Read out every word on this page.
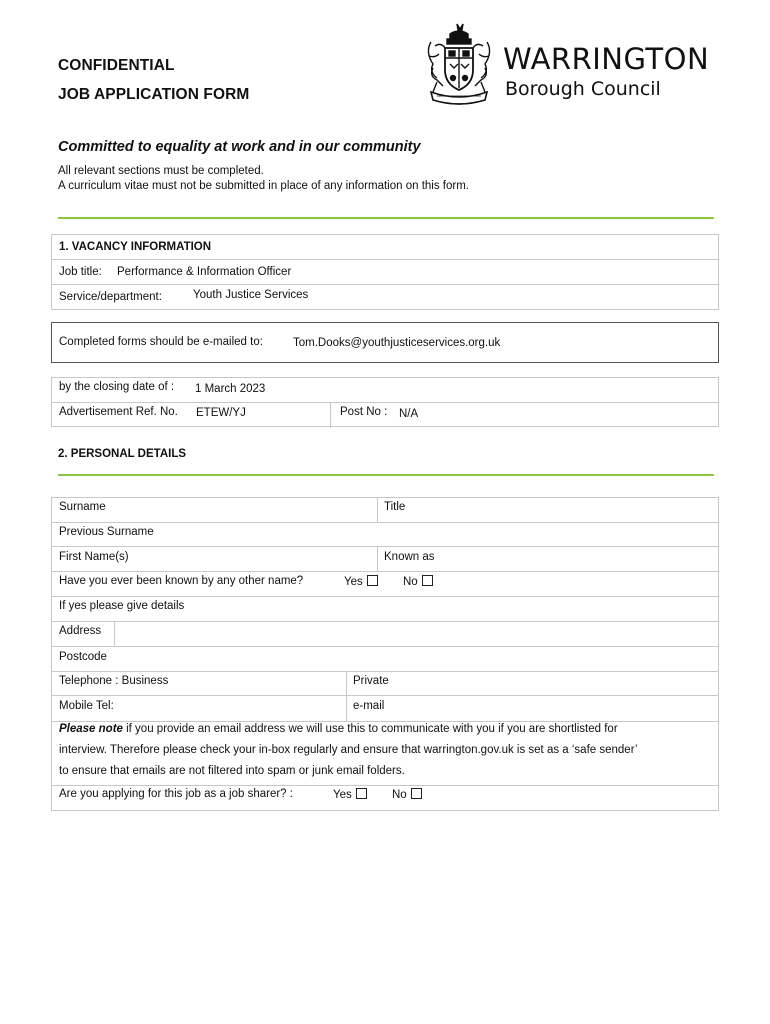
CONFIDENTIAL
JOB APPLICATION FORM
WARRINGTON
Borough Council
Committed to equality at work and in our community
All relevant sections must be completed.
A curriculum vitae must not be submitted in place of any information on this form.
1. VACANCY INFORMATION
Job title: Performance & Information Officer
Service/department:	Youth Justice Services
Completed forms should be e-mailed to:	Tom.Dooks@youthjusticeservices.org.uk
by the closing date of : 1 March 2023
Advertisement Ref. No. ETEW/YJ	Post No : N/A
2. PERSONAL DETAILS
Surname	Title
Previous Surname
First Name(s)	Known as
Have you ever been known by any other name?	Yes	No
If yes please give details
Address
Postcode
Telephone : Business	Private
Mobile Tel:	e-mail
Please note if you provide an email address we will use this to communicate with you if you are shortlisted for
interview. Therefore please check your in-box regularly and ensure that warrington.gov.uk is set as a ‘safe sender’
to ensure that emails are not filtered into spam or junk email folders.
Are you applying for this job as a job sharer? :	Yes	No
